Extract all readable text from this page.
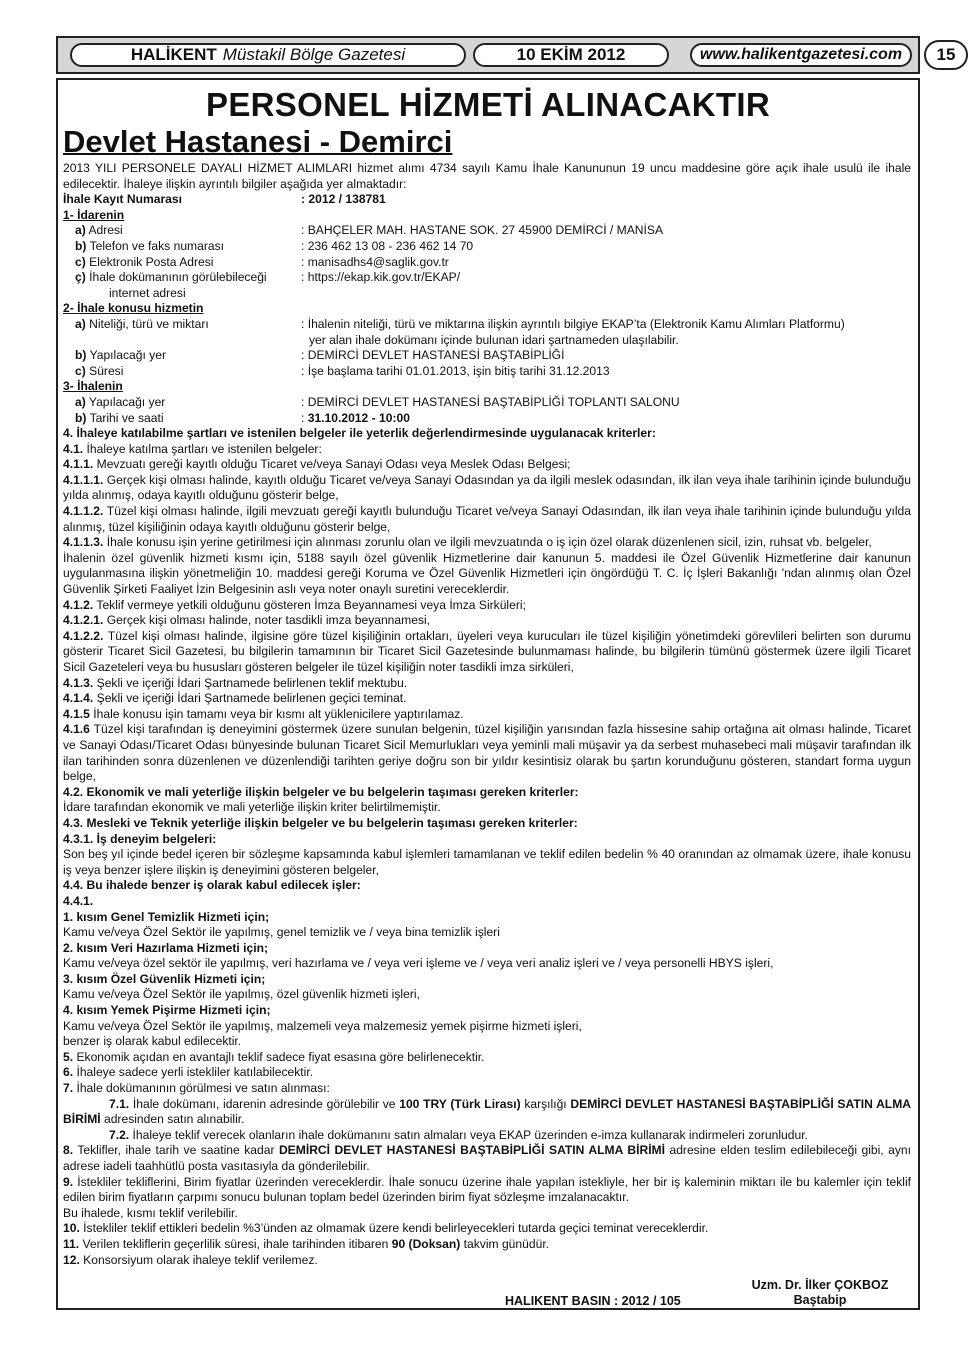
HALİKENT Müstakil Bölge Gazetesi	10 EKİM 2012	www.halikentgazetesi.com	15
PERSONEL HİZMETİ ALINACAKTIR
Devlet Hastanesi - Demirci
2013 YILI PERSONELE DAYALI HİZMET ALIMLARI hizmet alımı 4734 sayılı Kamu İhale Kanununun 19 uncu maddesine göre açık ihale usulü ile ihale edilecektir. İhaleye ilişkin ayrıntılı bilgiler aşağıda yer almaktadır:
İhale Kayıt Numarası	: 2012 / 138781
1- İdarenin
a) Adresi	: BAHÇELER MAH. HASTANE SOK. 27 45900 DEMİRCİ / MANİSA
b) Telefon ve faks numarası	: 236 462 13 08 - 236 462 14 70
c) Elektronik Posta Adresi	: manisadhs4@saglik.gov.tr
ç) İhale dokümanının görülebileceği	: https://ekap.kik.gov.tr/EKAP/
internet adresi
2- İhale konusu hizmetin
a) Niteliği, türü ve miktarı	: İhalenin niteliği, türü ve miktarına ilişkin ayrıntılı bilgiye EKAP’ta (Elektronik Kamu Alımları Platformu)
yer alan ihale dokümanı içinde bulunan idari şartnameden ulaşılabilir.
b) Yapılacağı yer	: DEMİRCİ DEVLET HASTANESİ BAŞTABİPLİĞİ
c) Süresi	: İşe başlama tarihi 01.01.2013, işin bitiş tarihi 31.12.2013
3- İhalenin
a) Yapılacağı yer	: DEMİRCİ DEVLET HASTANESİ BAŞTABİPLİĞİ TOPLANTI SALONU
b) Tarihi ve saati	: 31.10.2012 - 10:00
4. İhaleye katılabilme şartları ve istenilen belgeler ile yeterlik değerlendirmesinde uygulanacak kriterler:
4.1. İhaleye katılma şartları ve istenilen belgeler:
4.1.1. Mevzuatı gereği kayıtlı olduğu Ticaret ve/veya Sanayi Odası veya Meslek Odası Belgesi;
4.1.1.1. Gerçek kişi olması halinde, kayıtlı olduğu Ticaret ve/veya Sanayi Odasından ya da ilgili meslek odasından, ilk ilan veya ihale tarihinin içinde bulunduğu yılda alınmış, odaya kayıtlı olduğunu gösterir belge,
4.1.1.2. Tüzel kişi olması halinde, ilgili mevzuatı gereği kayıtlı bulunduğu Ticaret ve/veya Sanayi Odasından, ilk ilan veya ihale tarihinin içinde bulunduğu yılda alınmış, tüzel kişiliğinin odaya kayıtlı olduğunu gösterir belge,
4.1.1.3. İhale konusu işin yerine getirilmesi için alınması zorunlu olan ve ilgili mevzuatında o iş için özel olarak düzenlenen sicil, izin, ruhsat vb. belgeler,
İhalenin özel güvenlik hizmeti kısmı için, 5188 sayılı özel güvenlik Hizmetlerine dair kanunun 5. maddesi ile Özel Güvenlik Hizmetlerine dair kanunun uygulanmasına ilişkin yönetmeliğin 10. maddesi gereği Koruma ve Özel Güvenlik Hizmetleri için öngördüğü T. C. İç İşleri Bakanlığı 'ndan alınmış olan Özel Güvenlik Şirketi Faaliyet İzin Belgesinin aslı veya noter onaylı suretini vereceklerdir.
4.1.2. Teklif vermeye yetkili olduğunu gösteren İmza Beyannamesi veya İmza Sirküleri;
4.1.2.1. Gerçek kişi olması halinde, noter tasdikli imza beyannamesi,
4.1.2.2. Tüzel kişi olması halinde, ilgisine göre tüzel kişiliğinin ortakları, üyeleri veya kurucuları ile tüzel kişiliğin yönetimdeki görevlileri belirten son durumu gösterir Ticaret Sicil Gazetesi, bu bilgilerin tamamının bir Ticaret Sicil Gazetesinde bulunmaması halinde, bu bilgilerin tümünü göstermek üzere ilgili Ticaret Sicil Gazeteleri veya bu hususları gösteren belgeler ile tüzel kişiliğin noter tasdikli imza sirküleri,
4.1.3. Şekli ve içeriği İdari Şartnamede belirlenen teklif mektubu.
4.1.4. Şekli ve içeriği İdari Şartnamede belirlenen geçici teminat.
4.1.5 İhale konusu işin tamamı veya bir kısmı alt yüklenicilere yaptırılamaz.
4.1.6 Tüzel kişi tarafından iş deneyimini göstermek üzere sunulan belgenin, tüzel kişiliğin yarısından fazla hissesine sahip ortağına ait olması halinde, Ticaret ve Sanayi Odası/Ticaret Odası bünyesinde bulunan Ticaret Sicil Memurlukları veya yeminli mali müşavir ya da serbest muhasebeci mali müşavir tarafından ilk ilan tarihinden sonra düzenlenen ve düzenlendiği tarihten geriye doğru son bir yıldır kesintisiz olarak bu şartın korunduğunu gösteren, standart forma uygun belge,
4.2. Ekonomik ve mali yeterliğe ilişkin belgeler ve bu belgelerin taşıması gereken kriterler:
İdare tarafından ekonomik ve mali yeterliğe ilişkin kriter belirtilmemiştir.
4.3. Mesleki ve Teknik yeterliğe ilişkin belgeler ve bu belgelerin taşıması gereken kriterler:
4.3.1. İş deneyim belgeleri:
Son beş yıl içinde bedel içeren bir sözleşme kapsamında kabul işlemleri tamamlanan ve teklif edilen bedelin % 40 oranından az olmamak üzere, ihale konusu iş veya benzer işlere ilişkin iş deneyimini gösteren belgeler,
4.4. Bu ihalede benzer iş olarak kabul edilecek işler:
4.4.1.
1. kısım Genel Temizlik Hizmeti için;
Kamu ve/veya Özel Sektör ile yapılmış, genel temizlik ve / veya bina temizlik işleri
2. kısım Veri Hazırlama Hizmeti için;
Kamu ve/veya özel sektör ile yapılmış, veri hazırlama ve / veya veri işleme ve / veya veri analiz işleri ve / veya personelli HBYS işleri,
3. kısım Özel Güvenlik Hizmeti için;
Kamu ve/veya Özel Sektör ile yapılmış, özel güvenlik hizmeti işleri,
4. kısım Yemek Pişirme Hizmeti için;
Kamu ve/veya Özel Sektör ile yapılmış, malzemeli veya malzemesiz yemek pişirme hizmeti işleri,
benzer iş olarak kabul edilecektir.
5. Ekonomik açıdan en avantajlı teklif sadece fiyat esasına göre belirlenecektir.
6. İhaleye sadece yerli istekliler katılabilecektir.
7. İhale dokümanının görülmesi ve satın alınması:
7.1. İhale dokümanı, idarenin adresinde görülebilir ve 100 TRY (Türk Lirası) karşılığı DEMİRCİ DEVLET HASTANESİ BAŞTABİPLİĞİ SATIN ALMA BİRİMİ adresinden satın alınabilir.
7.2. İhaleye teklif verecek olanların ihale dokümanını satın almaları veya EKAP üzerinden e-imza kullanarak indirmeleri zorunludur.
8. Teklifler, ihale tarih ve saatine kadar DEMİRCİ DEVLET HASTANESİ BAŞTABİPLİĞİ SATIN ALMA BİRİMİ adresine elden teslim edilebileceği gibi, aynı adrese iadeli taahhütlü posta vasıtasıyla da gönderilebilir.
9. İstekliler tekliflerini, Birim fiyatlar üzerinden vereceklerdir. İhale sonucu üzerine ihale yapılan istekliyle, her bir iş kaleminin miktarı ile bu kalemler için teklif edilen birim fiyatların çarpımı sonucu bulunan toplam bedel üzerinden birim fiyat sözleşme imzalanacaktır.
Bu ihalede, kısmı teklif verilebilir.
10. İstekliler teklif ettikleri bedelin %3’ünden az olmamak üzere kendi belirleyecekleri tutarda geçici teminat vereceklerdir.
11. Verilen tekliflerin geçerlilik süresi, ihale tarihinden itibaren 90 (Doksan) takvim günüdür.
12. Konsorsiyum olarak ihaleye teklif verilemez.
HALIKENT BASIN : 2012 / 105
Uzm. Dr. İlker ÇOKBOZ
Baştabip
